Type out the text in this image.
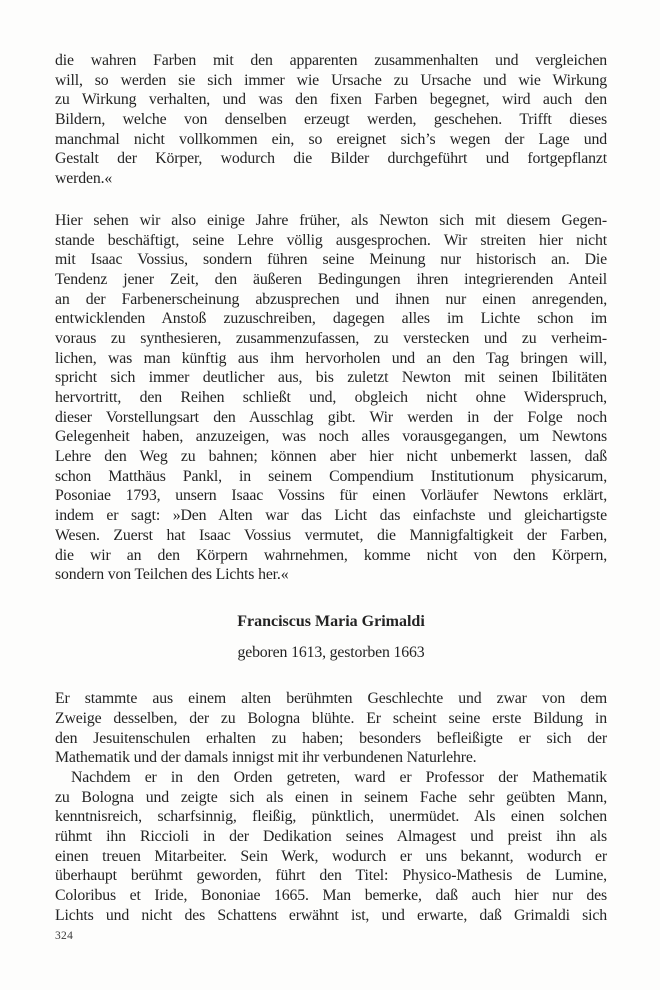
die wahren Farben mit den apparenten zusammenhalten und vergleichen
will, so werden sie sich immer wie Ursache zu Ursache und wie Wirkung
zu Wirkung verhalten, und was den fixen Farben begegnet, wird auch den
Bildern, welche von denselben erzeugt werden, geschehen. Trifft dieses
manchmal nicht vollkommen ein, so ereignet sich’s wegen der Lage und
Gestalt der Körper, wodurch die Bilder durchgeführt und fortgepflanzt
werden.«
Hier sehen wir also einige Jahre früher, als Newton sich mit diesem Gegen-
stande beschäftigt, seine Lehre völlig ausgesprochen. Wir streiten hier nicht
mit Isaac Vossius, sondern führen seine Meinung nur historisch an. Die
Tendenz jener Zeit, den äußeren Bedingungen ihren integrierenden Anteil
an der Farbenerscheinung abzusprechen und ihnen nur einen anregenden,
entwicklenden Anstoß zuzuschreiben, dagegen alles im Lichte schon im
voraus zu synthesieren, zusammenzufassen, zu verstecken und zu verheim-
lichen, was man künftig aus ihm hervorholen und an den Tag bringen will,
spricht sich immer deutlicher aus, bis zuletzt Newton mit seinen Ibilitäten
hervortritt, den Reihen schließt und, obgleich nicht ohne Widerspruch,
dieser Vorstellungsart den Ausschlag gibt. Wir werden in der Folge noch
Gelegenheit haben, anzuzeigen, was noch alles vorausgegangen, um Newtons
Lehre den Weg zu bahnen; können aber hier nicht unbemerkt lassen, daß
schon Matthäus Pankl, in seinem Compendium Institutionum physicarum,
Posoniae 1793, unsern Isaac Vossins für einen Vorläufer Newtons erklärt,
indem er sagt: »Den Alten war das Licht das einfachste und gleichartigste
Wesen. Zuerst hat Isaac Vossius vermutet, die Mannigfaltigkeit der Farben,
die wir an den Körpern wahrnehmen, komme nicht von den Körpern,
sondern von Teilchen des Lichts her.«
Franciscus Maria Grimaldi
geboren 1613, gestorben 1663
Er stammte aus einem alten berühmten Geschlechte und zwar von dem
Zweige desselben, der zu Bologna blühte. Er scheint seine erste Bildung in
den Jesuitenschulen erhalten zu haben; besonders befleißigte er sich der
Mathematik und der damals innigst mit ihr verbundenen Naturlehre.
Nachdem er in den Orden getreten, ward er Professor der Mathematik
zu Bologna und zeigte sich als einen in seinem Fache sehr geübten Mann,
kenntnisreich, scharfsinnig, fleißig, pünktlich, unermüdet. Als einen solchen
rühmt ihn Riccioli in der Dedikation seines Almagest und preist ihn als
einen treuen Mitarbeiter. Sein Werk, wodurch er uns bekannt, wodurch er
überhaupt berühmt geworden, führt den Titel: Physico-Mathesis de Lumine,
Coloribus et Iride, Bononiae 1665. Man bemerke, daß auch hier nur des
Lichts und nicht des Schattens erwähnt ist, und erwarte, daß Grimaldi sich
324
